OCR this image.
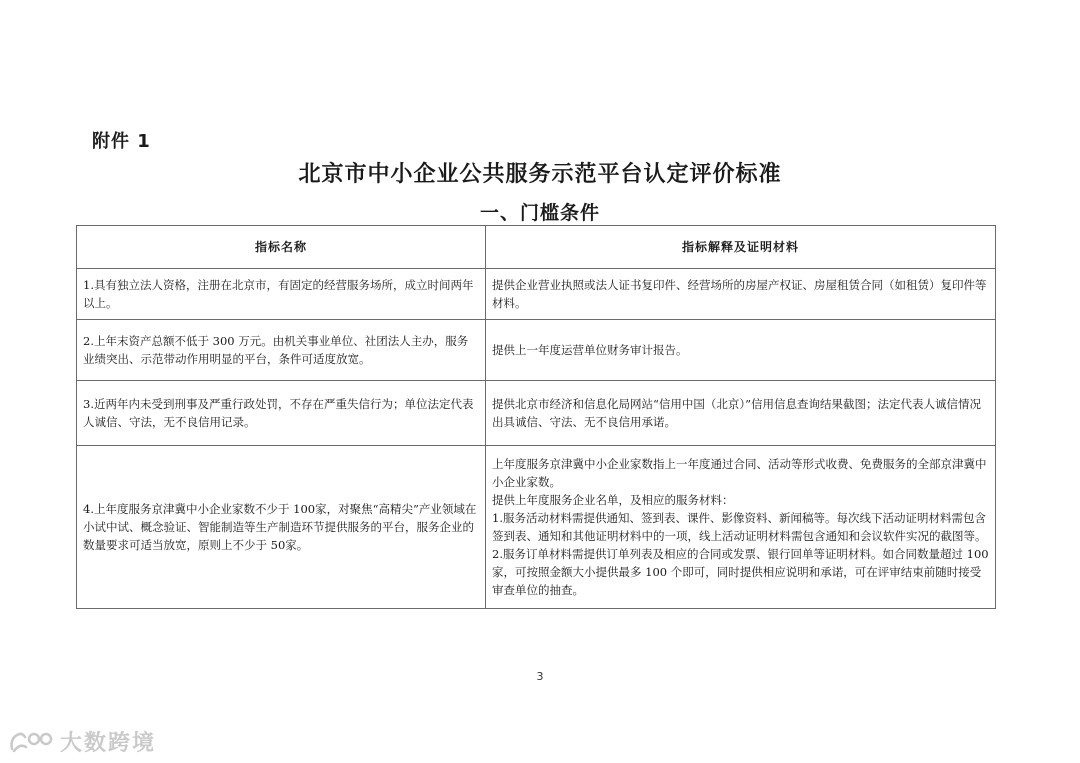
附件 1
北京市中小企业公共服务示范平台认定评价标准
一、门槛条件
指标名称	指标解释及证明材料
1.具有独立法人资格，注册在北京市，有固定的经营服务场所，成立时间两年以上。	提供企业营业执照或法人证书复印件、经营场所的房屋产权证、房屋租赁合同（如租赁）复印件等材料。

2.上年末资产总额不低于 300 万元。由机关事业单位、社团法人主办，服务业绩突出、示范带动作用明显的平台，条件可适度放宽。	提供上一年度运营单位财务审计报告。

3.近两年内未受到刑事及严重行政处罚，不存在严重失信行为；单位法定代表人诚信、守法，无不良信用记录。	提供北京市经济和信息化局网站“信用中国（北京）”信用信息查询结果截图；法定代表人诚信情况出具诚信、守法、无不良信用承诺。

4.上年度服务京津冀中小企业家数不少于 100家，对聚焦“高精尖”产业领域在小试中试、概念验证、智能制造等生产制造环节提供服务的平台，服务企业的数量要求可适当放宽，原则上不少于 50家。	上年度服务京津冀中小企业家数指上一年度通过合同、活动等形式收费、免费服务的全部京津冀中小企业家数。
提供上年度服务企业名单，及相应的服务材料：
1.服务活动材料需提供通知、签到表、课件、影像资料、新闻稿等。每次线下活动证明材料需包含签到表、通知和其他证明材料中的一项，线上活动证明材料需包含通知和会议软件实况的截图等。
2.服务订单材料需提供订单列表及相应的合同或发票、银行回单等证明材料。如合同数量超过 100家，可按照金额大小提供最多 100 个即可，同时提供相应说明和承诺，可在评审结束前随时接受审查单位的抽查。
3
大数跨境
